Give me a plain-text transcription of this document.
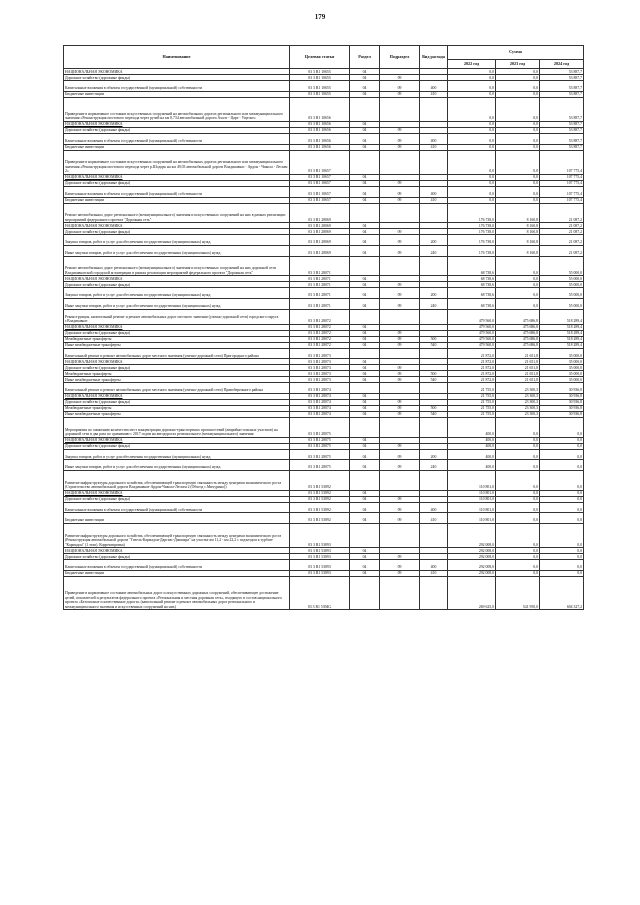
179
Наименование	Целевая статья	Раздел	Подраздел	Вид расхода	Сумма		
					2022 год	2023 год	2024 год
НАЦИОНАЛЬНАЯ ЭКОНОМИКА	03 3 R1 10655	04			0,0	0,0	53 887,7
Дорожное хозяйство (дорожные фонды)	03 3 R1 10655	04	09		0,0	0,0	53 887,7
Капитальные вложения в объекты государственной (муниципальной) собственности	03 3 R1 10655	04	09	400	0,0	0,0	53 887,7
Бюджетные инвестиции	03 3 R1 10655	04	09	410	0,0	0,0	53 887,7
Приведение в нормативное состояние искусственных сооружений на автомобильных дорогах регионального или межмуниципального значения «Реконструкция мостового перехода через ручей на км 8,734 автомобильной дороги Ахалт - Царе - Ущелье»	03 3 R1 10656				0,0	0,0	53 887,7
НАЦИОНАЛЬНАЯ ЭКОНОМИКА	03 3 R1 10656	04			0,0	0,0	53 887,7
Дорожное хозяйство (дорожные фонды)	03 3 R1 10656	04	09		0,0	0,0	53 887,7
Капитальные вложения в объекты государственной (муниципальной) собственности	03 3 R1 10656	04	09	400	0,0	0,0	53 887,7
Бюджетные инвестиции	03 3 R1 10656	04	09	410	0,0	0,0	53 887,7
Приведение в нормативное состояние искусственных сооружений на автомобильных дорогах регионального или межмуниципального значения «Реконструкция мостового перехода через р.Шодорк на км 49,03 автомобильной дороги Владикавказ - Ардон - Чикола - Лескен 2»	03 3 R1 10657				0,0	0,0	107 775,4
НАЦИОНАЛЬНАЯ ЭКОНОМИКА	03 3 R1 10657	04			0,0	0,0	107 775,4
Дорожное хозяйство (дорожные фонды)	03 3 R1 10657	04	09		0,0	0,0	107 775,4
Капитальные вложения в объекты государственной (муниципальной) собственности	03 3 R1 10657	04	09	400	0,0	0,0	107 775,4
Бюджетные инвестиции	03 3 R1 10657	04	09	410	0,0	0,0	107 775,4
Ремонт автомобильных дорог регионального (межмуниципального) значения и искусственных сооружений на них в рамках реализации мероприятий федерального проекта "Дорожная сеть"	03 3 R1 28069				176 738,0	8 160,8	21 087,2
НАЦИОНАЛЬНАЯ ЭКОНОМИКА	03 3 R1 28069	04			176 738,0	8 160,8	21 087,2
Дорожное хозяйство (дорожные фонды)	03 3 R1 28069	04	09		176 738,0	8 160,8	21 087,2
Закупка товаров, работ и услуг для обеспечения государственных (муниципальных) нужд	03 3 R1 28069	04	09	200	176 738,0	8 160,8	21 087,2
Иные закупки товаров, работ и услуг для обеспечения государственных (муниципальных) нужд	03 3 R1 28069	04	09	240	176 738,0	8 160,8	21 087,2
Ремонт автомобильных дорог регионального (межмуниципального) значения и искусственных сооружений на них дорожной сети Владикавказской городской агломерации в рамках реализации мероприятий федерального проекта "Дорожная сеть"	03 3 R1 28071				68 738,6	0,0	55 000,0
НАЦИОНАЛЬНАЯ ЭКОНОМИКА	03 3 R1 28071	04			68 738,6	0,0	55 000,0
Дорожное хозяйство (дорожные фонды)	03 3 R1 28071	04	09		68 738,6	0,0	55 000,0
Закупка товаров, работ и услуг для обеспечения государственных (муниципальных) нужд	03 3 R1 28071	04	09	200	68 738,6	0,0	55 000,0
Иные закупки товаров, работ и услуг для обеспечения государственных (муниципальных) нужд	03 3 R1 28071	04	09	240	68 738,6	0,0	55 000,0
Реконструкция, капитальный ремонт и ремонт автомобильных дорог местного значения (улично-дорожной сети) городского округа г.Владикавказ	03 3 R1 28072				479 560,0	475 686,8	518 289,4
НАЦИОНАЛЬНАЯ ЭКОНОМИКА	03 3 R1 28072	04			479 560,0	475 686,8	518 289,4
Дорожное хозяйство (дорожные фонды)	03 3 R1 28072	04	09		479 560,0	475 686,8	518 289,4
Межбюджетные трансферты	03 3 R1 28072	04	09	500	479 560,0	475 686,8	518 289,4
Иные межбюджетные трансферты	03 3 R1 28072	04	09	540	479 560,0	475 686,8	518 289,4
Капитальный ремонт и ремонт автомобильных дорог местного значения (улично-дорожной сети) Пригородного района	03 3 R1 28073				21 872,0	21 651,8	35 000,0
НАЦИОНАЛЬНАЯ ЭКОНОМИКА	03 3 R1 28073	04			21 872,0	21 651,8	35 000,0
Дорожное хозяйство (дорожные фонды)	03 3 R1 28073	04	09		21 872,0	21 651,8	35 000,0
Межбюджетные трансферты	03 3 R1 28073	04	09	500	21 872,0	21 651,8	35 000,0
Иные межбюджетные трансферты	03 3 R1 28073	04	09	540	21 872,0	21 651,8	35 000,0
Капитальный ремонт и ремонт автомобильных дорог местного значения (улично-дорожной сети) Правобережного района	03 3 R1 28074				21 755,0	23 300,3	30 936,8
НАЦИОНАЛЬНАЯ ЭКОНОМИКА	03 3 R1 28074	04			21 755,0	23 300,3	30 936,8
Дорожное хозяйство (дорожные фонды)	03 3 R1 28074	04	09		21 755,0	23 300,3	30 936,8
Межбюджетные трансферты	03 3 R1 28074	04	09	500	21 755,0	23 300,3	30 936,8
Иные межбюджетные трансферты	03 3 R1 28074	04	09	540	21 755,0	23 300,3	30 936,8
Мероприятия по снижению количества мест концентрации дорожно-транспортных происшествий (аварийно-опасных участков) на дорожной сети в два раза по сравнению с 2017 годом на автодорогах регионального (межмуниципального) значения	03 3 R1 28075				400,0	0,0	0,0
НАЦИОНАЛЬНАЯ ЭКОНОМИКА	03 3 R1 28075	04			400,0	0,0	0,0
Дорожное хозяйство (дорожные фонды)	03 3 R1 28075	04	09		400,0	0,0	0,0
Закупка товаров, работ и услуг для обеспечения государственных (муниципальных) нужд	03 3 R1 28075	04	09	200	400,0	0,0	0,0
Иные закупки товаров, работ и услуг для обеспечения государственных (муниципальных) нужд	03 3 R1 28075	04	09	240	400,0	0,0	0,0
Развитие инфраструктуры дорожного хозяйства, обеспечивающей транспортную связанность между центрами экономического роста (Строительство автомобильной дороги Владикавказ-Ардон-Чикола-Лескен 2 (Объезд с.Мичурино))	03 3 R1 53892				110 801,0	0,0	0,0
НАЦИОНАЛЬНАЯ ЭКОНОМИКА	03 3 R1 53892	04			110 801,0	0,0	0,0
Дорожное хозяйство (дорожные фонды)	03 3 R1 53892	04	09		110 801,0	0,0	0,0
Капитальные вложения в объекты государственной (муниципальной) собственности	03 3 R1 53892	04	09	400	110 801,0	0,0	0,0
Бюджетные инвестиции	03 3 R1 53892	04	09	410	110 801,0	0,0	0,0
Развитие инфраструктуры дорожного хозяйства, обеспечивающей транспортную связанность между центрами экономического роста (Реконструкция автомобильной дороги "Гизель-Кармадон-Даргавс-Джимара" на участке км 11,2 - км 22,2 с подъездом к турбазе "Кармадон" (1 этап). Корректировка)	03 3 R1 53893				292 008,0	0,0	0,0
НАЦИОНАЛЬНАЯ ЭКОНОМИКА	03 3 R1 53893	04			292 008,0	0,0	0,0
Дорожное хозяйство (дорожные фонды)	03 3 R1 53893	04	09		292 008,0	0,0	0,0
Капитальные вложения в объекты государственной (муниципальной) собственности	03 3 R1 53893	04	09	400	292 008,0	0,0	0,0
Бюджетные инвестиции	03 3 R1 53893	04	09	410	292 008,0	0,0	0,0
Приведение в нормативное состояние автомобильных дорог и искусственных дорожных сооружений, обеспечивающее достижение целей, показателей и результатов федерального проекта «Региональная и местная дорожная сеть», входящего в состав национального проекта «Безопасные и качественные дороги» (капитальный ремонт и ремонт автомобильных дорог регионального и межмуниципального значения и искусственных сооружений на них)	03 3 R1 5394G				269 625,0	541 950,0	604 327,2
